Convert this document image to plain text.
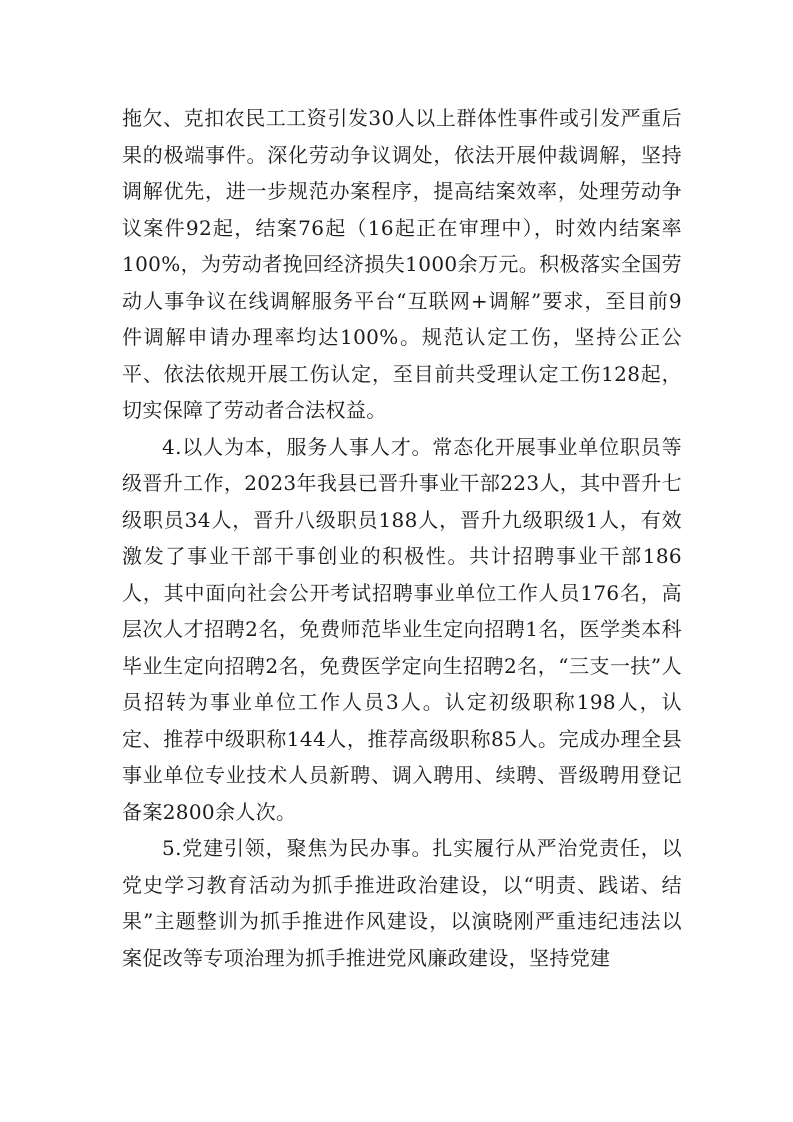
拖欠、克扣农民工工资引发30人以上群体性事件或引发严重后果的极端事件。深化劳动争议调处，依法开展仲裁调解，坚持调解优先，进一步规范办案程序，提高结案效率，处理劳动争议案件92起，结案76起（16起正在审理中），时效内结案率100%，为劳动者挽回经济损失1000余万元。积极落实全国劳动人事争议在线调解服务平台“互联网+调解”要求，至目前9件调解申请办理率均达100%。规范认定工伤，坚持公正公平、依法依规开展工伤认定，至目前共受理认定工伤128起，切实保障了劳动者合法权益。

4.以人为本，服务人事人才。常态化开展事业单位职员等级晋升工作，2023年我县已晋升事业干部223人，其中晋升七级职员34人，晋升八级职员188人，晋升九级职级1人，有效激发了事业干部干事创业的积极性。共计招聘事业干部186人，其中面向社会公开考试招聘事业单位工作人员176名，高层次人才招聘2名，免费师范毕业生定向招聘1名，医学类本科毕业生定向招聘2名，免费医学定向生招聘2名，“三支一扶”人员招转为事业单位工作人员3人。认定初级职称198人，认定、推荐中级职称144人，推荐高级职称85人。完成办理全县事业单位专业技术人员新聘、调入聘用、续聘、晋级聘用登记备案2800余人次。

5.党建引领，聚焦为民办事。扎实履行从严治党责任，以党史学习教育活动为抓手推进政治建设，以“明责、践诺、结果”主题整训为抓手推进作风建设，以演晓刚严重违纪违法以案促改等专项治理为抓手推进党风廉政建设，坚持党建
